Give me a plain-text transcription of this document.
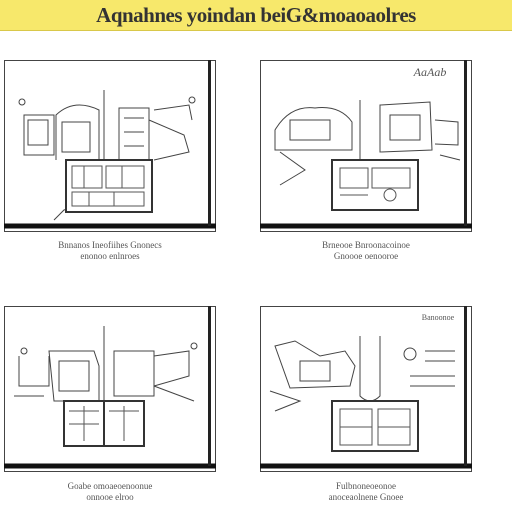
Aqnahnes yoindan beiG&moaoaolres
Bnnanos Ineofiihes Gnonecs
enonoo enlnroes
AaAab
Brneooe Bnroonacoinoe
Gnoooe oenooroe
Goabe omoaeoenoonue
onnooe elroo
Banoonoe
Fulbnoneoeonoe
anoceaolnene Gnoee
